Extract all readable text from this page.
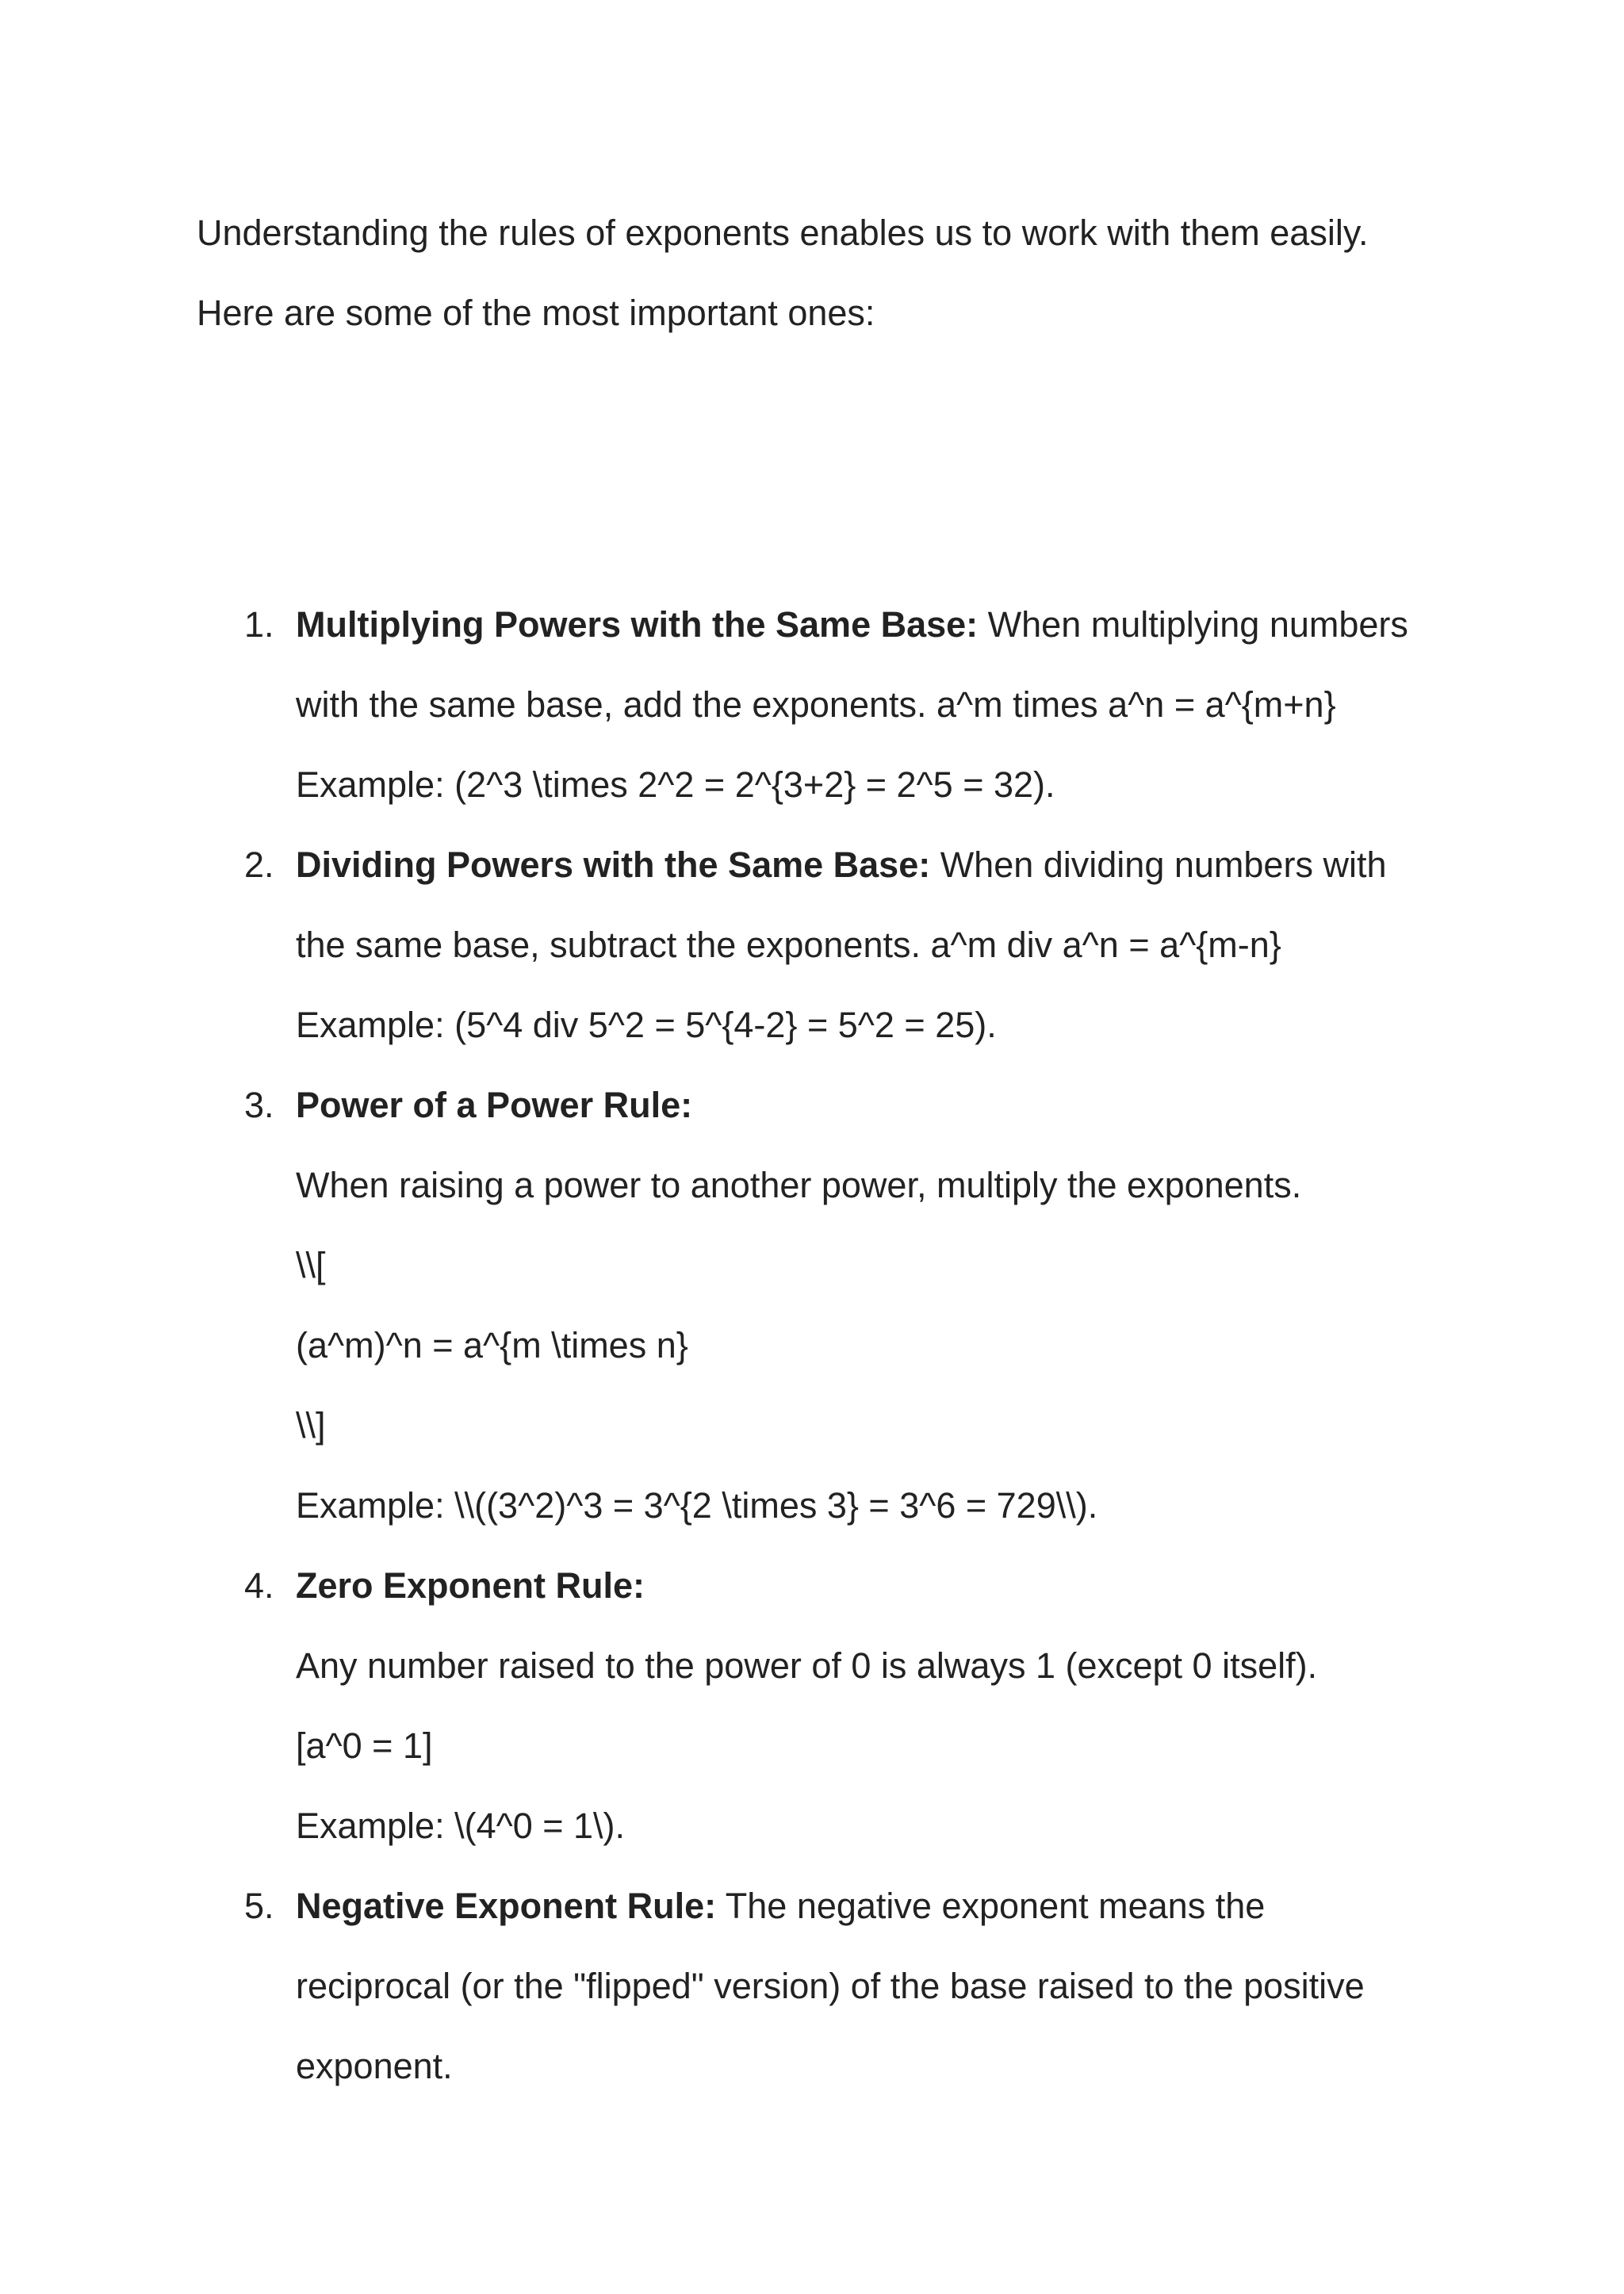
Understanding the rules of exponents enables us to work with them easily.

Here are some of the most important ones:

1. Multiplying Powers with the Same Base: When multiplying numbers
with the same base, add the exponents. a^m times a^n = a^{m+n}
Example: (2^3 \times 2^2 = 2^{3+2} = 2^5 = 32).
2. Dividing Powers with the Same Base: When dividing numbers with
the same base, subtract the exponents. a^m div a^n = a^{m-n}
Example: (5^4 div 5^2 = 5^{4-2} = 5^2 = 25).
3. Power of a Power Rule:
When raising a power to another power, multiply the exponents.
\\[
(a^m)^n = a^{m \times n}
\\]
Example: \\((3^2)^3 = 3^{2 \times 3} = 3^6 = 729\\).
4. Zero Exponent Rule:
Any number raised to the power of 0 is always 1 (except 0 itself).
[a^0 = 1]
Example: \(4^0 = 1\).
5. Negative Exponent Rule: The negative exponent means the
reciprocal (or the "flipped" version) of the base raised to the positive
exponent.
